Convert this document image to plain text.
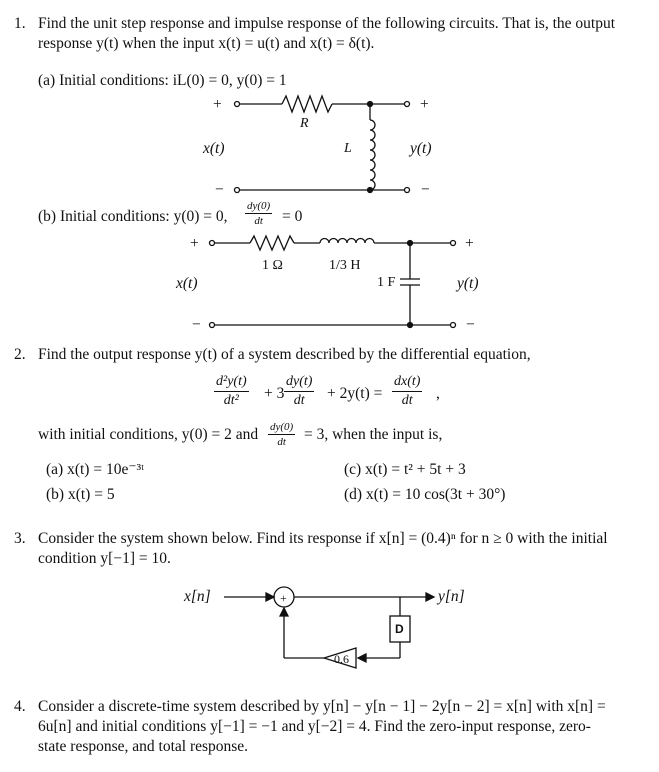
1. Find the unit step response and impulse response of the following circuits. That is, the output
response y(t) when the input x(t) = u(t) and x(t) = δ(t).
(a) Initial conditions: iL(0) = 0, y(0) = 1
+	+
R
x(t)	L	y(t)
−	−
(b) Initial conditions: y(0) = 0, $\frac{dy(0)}{dt} = 0$
+	+
1 Ω	1/3 H
1 F
x(t)	y(t)
−	−
2. Find the output response y(t) of a system described by the differential equation,
$\frac{\text{d²y(t)}}{\text{dt²}} + 3 \frac{dy(t)}{dt} + 2y(t) = \frac{dx(t)}{dt}$ ,
with initial conditions, y(0) = 2 and $\frac{dy(0)}{dt} = 3$, when the input is,
(a) x(t) = 10e⁻³ᵗ	(c) x(t) = t² + 5t + 3
(b) x(t) = 5	(d) x(t) = 10 cos(3t + 30°)
3. Consider the system shown below. Find its response if x[n] = (0.4)ⁿ for n ≥ 0 with the initial
condition y[−1] = 10.
x[n]	+	y[n]
D
0.6
4. Consider a discrete-time system described by y[n] − y[n − 1] − 2y[n − 2] = x[n] with x[n] =
6u[n] and initial conditions y[−1] = −1 and y[−2] = 4. Find the zero-input response, zero-
state response, and total response.
